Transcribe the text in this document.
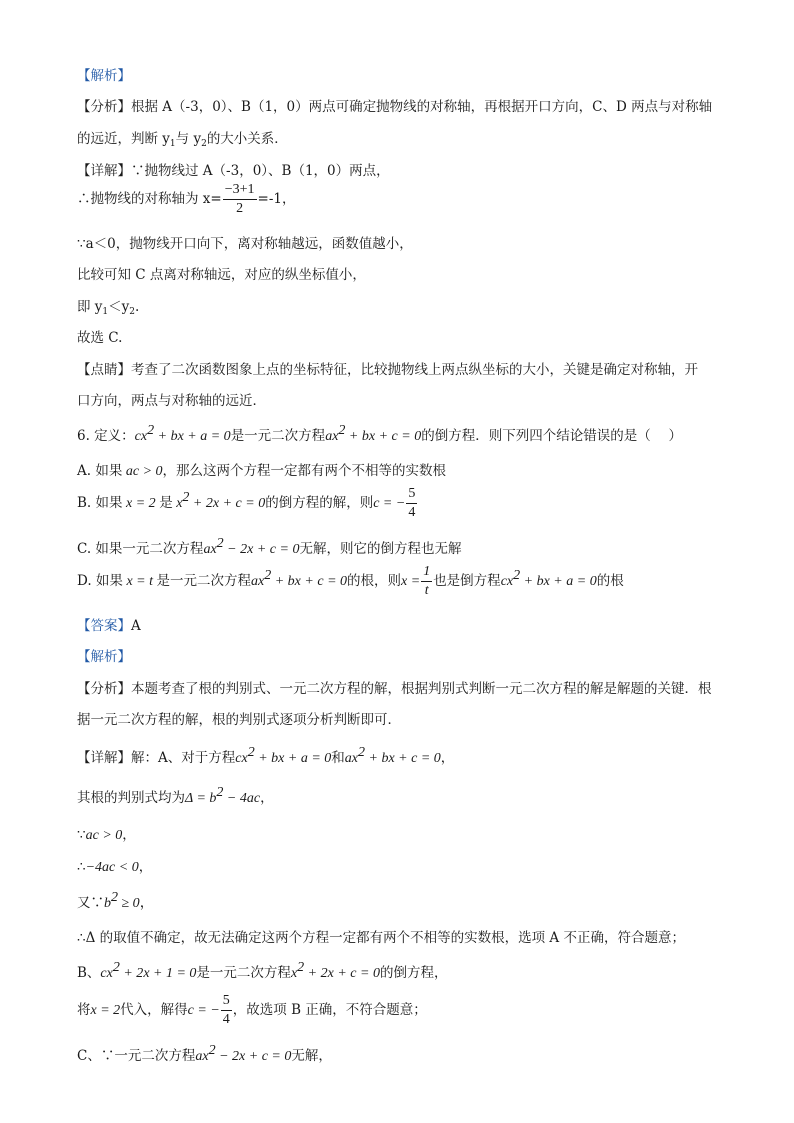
【解析】
【分析】根据 A（-3，0）、B（1，0）两点可确定抛物线的对称轴，再根据开口方向，C、D 两点与对称轴
的远近，判断 $y_1$与 $y_2$的大小关系．
【详解】∵抛物线过 A（-3，0）、B（1，0）两点，
∴抛物线的对称轴为 $x= \frac{-3+1}{2} =-1$，
∵a＜0，抛物线开口向下，离对称轴越远，函数值越小，
比较可知 C 点离对称轴远，对应的纵坐标值小，
即 $y_1<y_2$.
故选 C.
【点睛】考查了二次函数图象上点的坐标特征，比较抛物线上两点纵坐标的大小，关键是确定对称轴，开
口方向，两点与对称轴的远近．
6. 定义：$cx^2$ + bx + a = 0是一元二次方程$ax^2$ + bx + c = 0的倒方程．则下列四个结论错误的是（　 ）
A. 如果 ac > 0，那么这两个方程一定都有两个不相等的实数根
B. 如果 x = 2 是 $x^2 + 2x + c = 0$的倒方程的解，则c = − $\frac{5}{4}$
C. 如果一元二次方程$ax^2 - 2x + c = 0$无解，则它的倒方程也无解
D. 如果 x = t 是一元二次方程$ax^2$ + bx + c = 0的根，则$x = \frac{1}{t}$ 也是倒方程$cx^2$ + bx + a = 0的根
【答案】A
【解析】
【分析】本题考查了根的判别式、一元二次方程的解，根据判别式判断一元二次方程的解是解题的关键．根
据一元二次方程的解，根的判别式逐项分析判断即可．
【详解】解：A、对于方程$cx^2$ + bx + a = 0和$ax^2$ + bx + c = 0，
其根的判别式均为$\Delta = b^2 - 4ac$，
∵ac > 0，
∴−4ac < 0，
又$\because b^2 \ge 0$，
∴Δ 的取值不确定，故无法确定这两个方程一定都有两个不相等的实数根，选项 A 不正确，符合题意；
B、$cx^2 + 2x + 1 = 0$是一元二次方程$x^2 + 2x + c = 0$的倒方程，
将x = 2代入，解得c = − $\frac{5}{4}$ ，故选项 B 正确，不符合题意；
C、∵一元二次方程$ax^2 - 2x + c = 0$无解，
